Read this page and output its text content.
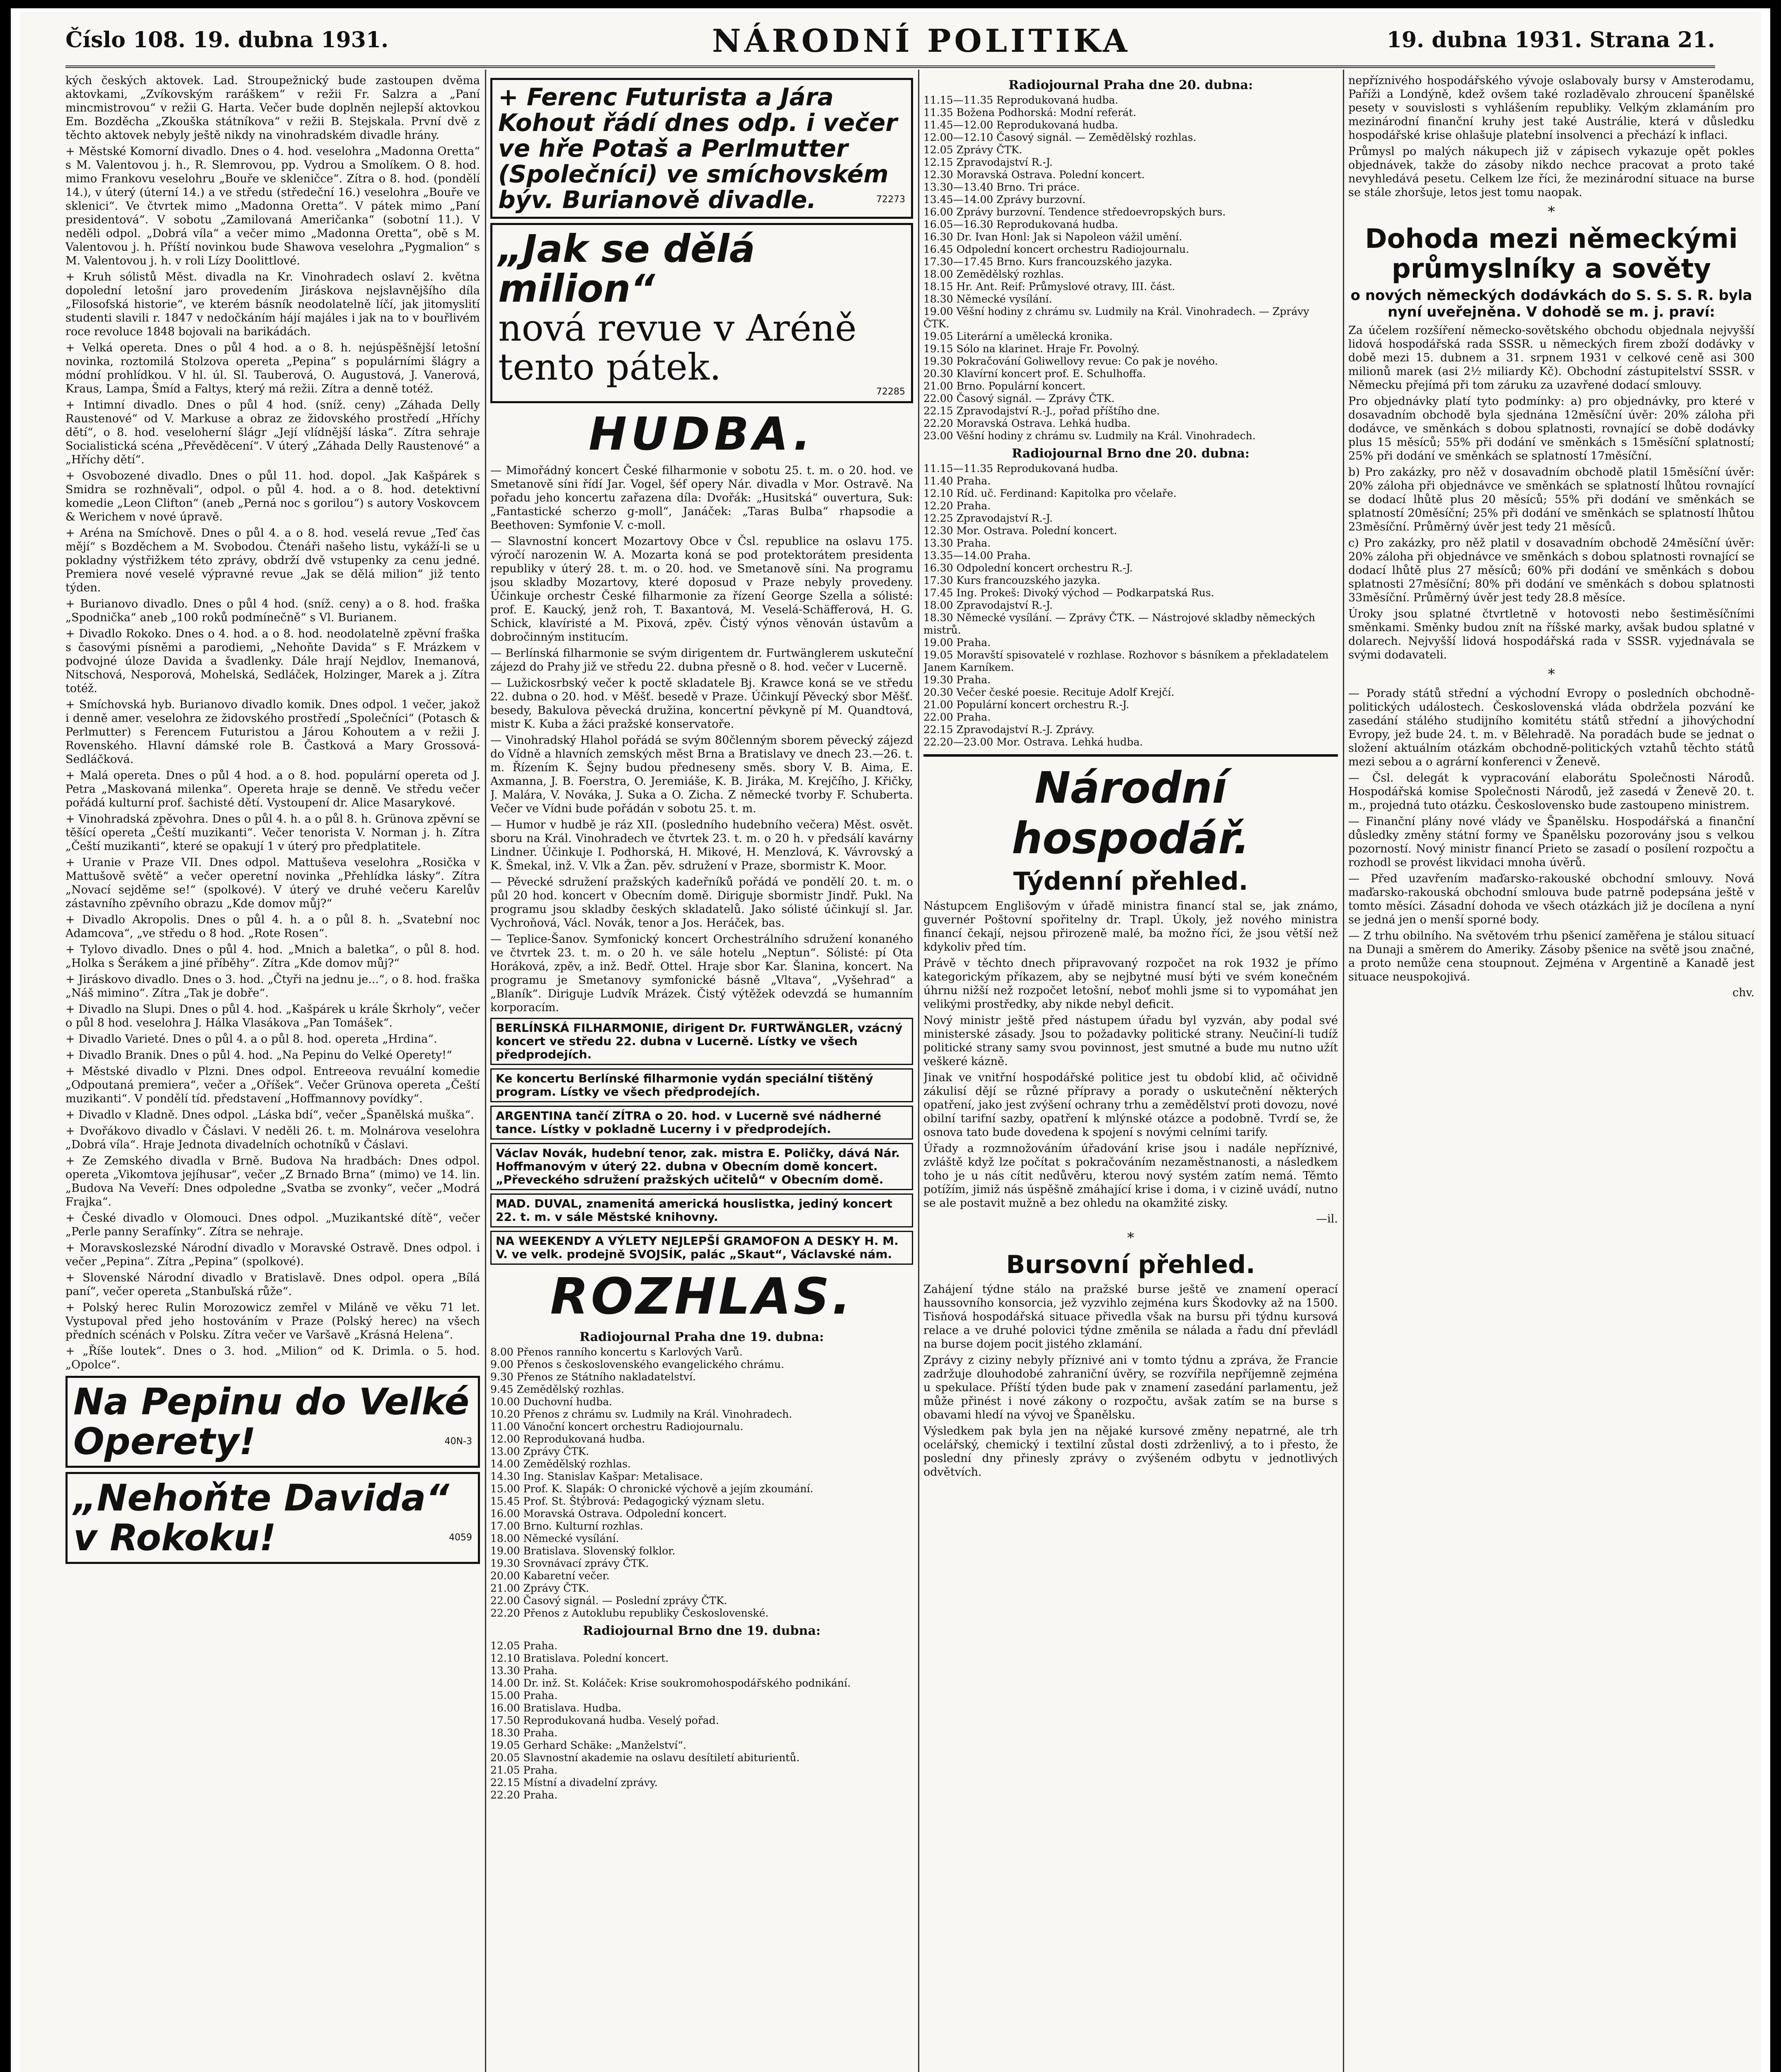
Číslo 108. 19. dubna 1931.	NÁRODNÍ POLITIKA	19. dubna 1931. Strana 21.

kých českých aktovek. Lad. Stroupežnický bude zastoupen dvěma aktovkami, „Zvíkovským raráškem“ v režii Fr. Salzra a „Paní mincmistrovou“ v režii G. Harta. Večer bude doplněn nejlepší aktovkou Em. Bozděcha „Zkouška státníkova“ v režii B. Stejskala. První dvě z těchto aktovek nebyly ještě nikdy na vinohradském divadle hrány.

+ Městské Komorní divadlo. Dnes o 4. hod. veselohra „Madonna Oretta“ s M. Valentovou j. h., R. Slemrovou, pp. Vydrou a Smolíkem. O 8. hod. mimo Frankovu veselohru „Bouře ve skleničce“. Zítra o 8. hod. (pondělí 14.), v úterý (úterní 14.) a ve středu (středeční 16.) veselohra „Bouře ve sklenici“. Ve čtvrtek mimo „Madonna Oretta“. V pátek mimo „Paní presidentová“. V sobotu „Zamilovaná Američanka“ (sobotní 11.). V neděli odpol. „Dobrá víla“ a večer mimo „Madonna Oretta“, obě s M. Valentovou j. h. Příští novinkou bude Shawova veselohra „Pygmalion“ s M. Valentovou j. h. v roli Lízy Doolittlové.

+ Kruh sólistů Měst. divadla na Kr. Vinohradech oslaví 2. května dopolední letošní jaro provedením Jiráskova nejslavnějšího díla „Filosofská historie“, ve kterém básník neodolatelně líčí, jak jitomyslití studenti slavili r. 1847 v nedočkáním hájí majáles i jak na to v bouřlivém roce revoluce 1848 bojovali na barikádách.

+ Velká opereta. Dnes o půl 4 hod. a o 8. h. nejúspěšnější letošní novinka, roztomilá Stolzova opereta „Pepina“ s populárními šlágry a módní prohlídkou. V hl. úl. Sl. Tauberová, O. Augustová, J. Vanerová, Kraus, Lampa, Šmíd a Faltys, který má režii. Zítra a denně totéž.

+ Intimní divadlo. Dnes o půl 4 hod. (sníž. ceny) „Záhada Delly Raustenové“ od V. Markuse a obraz ze židovského prostředí „Hříchy dětí“, o 8. hod. veseloherní šlágr „Její vlídnější láska“. Zítra sehraje Socialistická scéna „Převěděcení“. V úterý „Záhada Delly Raustenové“ a „Hříchy dětí“.

+ Osvobozené divadlo. Dnes o půl 11. hod. dopol. „Jak Kašpárek s Smidra se rozhněvali“, odpol. o půl 4. hod. a o 8. hod. detektivní komedie „Leon Clifton“ (aneb „Perná noc s gorilou“) s autory Voskovcem & Werichem v nové úpravě.

+ Aréna na Smíchově. Dnes o půl 4. a o 8. hod. veselá revue „Teď čas mějí“ s Bozděchem a M. Svobodou. Čtenáři našeho listu, vykáží-li se u pokladny výstřižkem této zprávy, obdrží dvě vstupenky za cenu jedné. Premiera nové veselé výpravné revue „Jak se dělá milion“ již tento týden.

+ Burianovo divadlo. Dnes o půl 4 hod. (sníž. ceny) a o 8. hod. fraška „Spodnička“ aneb „100 roků podmínečně“ s Vl. Burianem.

+ Divadlo Rokoko. Dnes o 4. hod. a o 8. hod. neodolatelně zpěvní fraška s časovými písněmi a parodiemi, „Nehoňte Davida“ s F. Mrázkem v podvojné úloze Davida a švadlenky. Dále hrají Nejdlov, Inemanová, Nitschová, Nesporová, Mohelská, Sedláček, Holzinger, Marek a j. Zítra totéž.

+ Smíchovská hyb. Burianovo divadlo komik. Dnes odpol. 1 večer, jakož i denně amer. veselohra ze židovského prostředí „Společníci“ (Potasch & Perlmutter) s Ferencem Futuristou a Járou Kohoutem a v režii J. Rovenského. Hlavní dámské role B. Častková a Mary Grossová-Sedláčková.

+ Malá opereta. Dnes o půl 4 hod. a o 8. hod. populární opereta od J. Petra „Maskovaná milenka“. Opereta hraje se denně. Ve středu večer pořádá kulturní prof. šachisté dětí. Vystoupení dr. Alice Masarykové.

+ Vinohradská zpěvohra. Dnes o půl 4. h. a o půl 8. h. Grünova zpěvní se těšící opereta „Čeští muzikanti“. Večer tenorista V. Norman j. h. Zítra „Čeští muzikanti“, které se opakují 1 v úterý pro předplatitele.

+ Uranie v Praze VII. Dnes odpol. Mattuševa veselohra „Rosička v Mattušově světě“ a večer operetní novinka „Přehlídka lásky“. Zítra „Novací sejděme se!“ (spolkové). V úterý ve druhé večeru Karelův zástavního zpěvního obrazu „Kde domov můj?“

+ Divadlo Akropolis. Dnes o půl 4. h. a o půl 8. h. „Svatební noc Adamcova“, „ve středu o 8 hod. „Rote Rosen“.

+ Tylovo divadlo. Dnes o půl 4. hod. „Mnich a baletka“, o půl 8. hod. „Holka s Šerákem a jiné příběhy“. Zítra „Kde domov můj?“

+ Jiráskovo divadlo. Dnes o 3. hod. „Čtyři na jednu je...“, o 8. hod. fraška „Náš mimino“. Zítra „Tak je dobře“.

+ Divadlo na Slupi. Dnes o půl 4. hod. „Kašpárek u krále Škrholy“, večer o půl 8 hod. veselohra J. Hálka Vlasákova „Pan Tomášek“.

+ Divadlo Varieté. Dnes o půl 4. a o půl 8. hod. opereta „Hrdina“.

+ Divadlo Branik. Dnes o půl 4. hod. „Na Pepinu do Velké Operety!“

+ Městské divadlo v Plzni. Dnes odpol. Entreeova revuální komedie „Odpoutaná premiera“, večer a „Oříšek“. Večer Grünova opereta „Čeští muzikanti“. V pondělí tíd. představení „Hoffmannovy povídky“.

+ Divadlo v Kladně. Dnes odpol. „Láska bdí“, večer „Španělská muška“.

+ Dvořákovo divadlo v Čáslavi. V neděli 26. t. m. Molnárova veselohra „Dobrá víla“. Hraje Jednota divadelních ochotníků v Čáslavi.

+ Ze Zemského divadla v Brně. Budova Na hradbách: Dnes odpol. opereta „Vikomtova jejíhusar“, večer „Z Brnado Brna“ (mimo) ve 14. lin. „Budova Na Veveří: Dnes odpoledne „Svatba se zvonky“, večer „Modrá Frajka“.

+ České divadlo v Olomouci. Dnes odpol. „Muzikantské dítě“, večer „Perle panny Serafínky“. Zítra se nehraje.

+ Moravskoslezské Národní divadlo v Moravské Ostravě. Dnes odpol. i večer „Pepina“. Zítra „Pepina“ (spolkové).

+ Slovenské Národní divadlo v Bratislavě. Dnes odpol. opera „Bílá paní“, večer opereta „Stanbuľská růže“.

+ Polský herec Rulin Morozowicz zemřel v Miláně ve věku 71 let. Vystupoval před jeho hostováním v Praze (Polský herec) na všech předních scénách v Polsku. Zítra večer ve Varšavě „Krásná Helena“.

+ „Říše loutek“. Dnes o 3. hod. „Milion“ od K. Drimla. o 5. hod. „Opolce“.

Na Pepinu do Velké Operety!	40N-3
„Nehoňte Davida“ v Rokoku!	4059
+ Ferenc Futurista a Jára Kohout řádí dnes odp. i večer ve hře Potaš a Perlmutter (Společníci) ve smíchovském býv. Burianově divadle.	72273
„Jak se dělá milion“
nová revue v Aréně tento pátek.
72285
HUDBA.

— Mimořádný koncert České filharmonie v sobotu 25. t. m. o 20. hod. ve Smetanově síni řídí Jar. Vogel, šéf opery Nár. divadla v Mor. Ostravě. Na pořadu jeho koncertu zařazena díla: Dvořák: „Husitská“ ouvertura, Suk: „Fantastické scherzo g-moll“, Janáček: „Taras Bulba“ rhapsodie a Beethoven: Symfonie V. c-moll.

— Slavnostní koncert Mozartovy Obce v Čsl. republice na oslavu 175. výročí narozenin W. A. Mozarta koná se pod protektorátem presidenta republiky v úterý 28. t. m. o 20. hod. ve Smetanově síni. Na programu jsou skladby Mozartovy, které doposud v Praze nebyly provedeny. Účinkuje orchestr České filharmonie za řízení George Szella a sólisté: prof. E. Kaucký, jenž roh, T. Baxantová, M. Veselá-Schäfferová, H. G. Schick, klavíristé a M. Pixová, zpěv. Čistý výnos věnován ústavům a dobročinným institucím.

— Berlínská filharmonie se svým dirigentem dr. Furtwänglerem uskuteční zájezd do Prahy již ve středu 22. dubna přesně o 8. hod. večer v Lucerně.

— Lužickosrbský večer k poctě skladatele Bj. Krawce koná se ve středu 22. dubna o 20. hod. v Měšť. besedě v Praze. Účinkují Pěvecký sbor Měšť. besedy, Bakulova pěvecká družina, koncertní pěvkyně pí M. Quandtová, mistr K. Kuba a žáci pražské konservatoře.

— Vinohradský Hlahol pořádá se svým 80členným sborem pěvecký zájezd do Vídně a hlavních zemských měst Brna a Bratislavy ve dnech 23.—26. t. m. Řízením K. Šejny budou předneseny směs. sbory V. B. Aima, E. Axmanna, J. B. Foerstra, O. Jeremiáše, K. B. Jiráka, M. Krejčího, J. Křičky, J. Malára, V. Nováka, J. Suka a O. Zicha. Z německé tvorby F. Schuberta. Večer ve Vídni bude pořádán v sobotu 25. t. m.

— Humor v hudbě je ráz XII. (posledního hudebního večera) Měst. osvět. sboru na Král. Vinohradech ve čtvrtek 23. t. m. o 20 h. v předsálí kavárny Lindner. Účinkuje I. Podhorská, H. Mikové, H. Menzlová, K. Vávrovský a K. Šmekal, inž. V. Vlk a Žan. pěv. sdružení v Praze, sbormistr K. Moor.

— Pěvecké sdružení pražských kadeřníků pořádá ve pondělí 20. t. m. o půl 20 hod. koncert v Obecním domě. Diriguje sbormistr Jindř. Pukl. Na programu jsou skladby českých skladatelů. Jako sólisté účinkují sl. Jar. Vychroňová, Václ. Novák, tenor a Jos. Heráček, bas.

— Teplice-Šanov. Symfonický koncert Orchestrálního sdružení konaného ve čtvrtek 23. t. m. o 20 h. ve sále hotelu „Neptun“. Sólisté: pí Ota Horáková, zpěv, a inž. Bedř. Ottel. Hraje sbor Kar. Šlanina, koncert. Na programu je Smetanovy symfonické básně „Vltava“, „Vyšehrad“ a „Blaník“. Diriguje Ludvík Mrázek. Čistý výtěžek odevzdá se humanním korporacím.

BERLÍNSKÁ FILHARMONIE, dirigent Dr. FURTWÄNGLER, vzácný koncert ve středu 22. dubna v Lucerně. Lístky ve všech předprodejích.
Ke koncertu Berlínské filharmonie vydán speciální tištěný program. Lístky ve všech předprodejích.
ARGENTINA tančí ZÍTRA o 20. hod. v Lucerně své nádherné tance. Lístky v pokladně Lucerny i v předprodejích.
Václav Novák, hudební tenor, zak. mistra E. Poličky, dává Nár. Hoffmanovým v úterý 22. dubna v Obecním domě koncert. „Převeckého sdružení pražských učitelů“ v Obecním domě.
MAD. DUVAL, znamenitá americká houslistka, jediný koncert 22. t. m. v sále Městské knihovny.
NA WEEKENDY A VÝLETY NEJLEPŠÍ GRAMOFON A DESKY H. M. V. ve velk. prodejně SVOJSÍK, palác „Skaut“, Václavské nám.
ROZHLAS.
Radiojournal Praha dne 19. dubna:

8.00 Přenos ranního koncertu s Karlových Varů.

9.00 Přenos s československého evangelického chrámu.

9.30 Přenos ze Státního nakladatelství.

9.45 Zemědělský rozhlas.

10.00 Duchovní hudba.

10.20 Přenos z chrámu sv. Ludmily na Král. Vinohradech.

11.00 Vánoční koncert orchestru Radiojournalu.

12.00 Reprodukovaná hudba.

13.00 Zprávy ČTK.

14.00 Zemědělský rozhlas.

14.30 Ing. Stanislav Kašpar: Metalisace.

15.00 Prof. K. Slapák: O chronické výchově a jejím zkoumání.

15.45 Prof. St. Štýbrová: Pedagogický význam sletu.

16.00 Moravská Ostrava. Odpolední koncert.

17.00 Brno. Kulturní rozhlas.

18.00 Německé vysílání.

19.00 Bratislava. Slovenský folklor.

19.30 Srovnávací zprávy ČTK.

20.00 Kabaretní večer.

21.00 Zprávy ČTK.

22.00 Časový signál. — Poslední zprávy ČTK.

22.20 Přenos z Autoklubu republiky Československé.

Radiojournal Brno dne 19. dubna:

12.05 Praha.

12.10 Bratislava. Polední koncert.

13.30 Praha.

14.00 Dr. inž. St. Koláček: Krise soukromohospodářského podnikání.

15.00 Praha.

16.00 Bratislava. Hudba.

17.50 Reprodukovaná hudba. Veselý pořad.

18.30 Praha.

19.05 Gerhard Schäke: „Manželství“.

20.05 Slavnostní akademie na oslavu desítiletí abiturientů.

21.05 Praha.

22.15 Místní a divadelní zprávy.

22.20 Praha.

Radiojournal Praha dne 20. dubna:

11.15—11.35 Reprodukovaná hudba.

11.35 Božena Podhorská: Modní referát.

11.45—12.00 Reprodukovaná hudba.

12.00—12.10 Časový signál. — Zemědělský rozhlas.

12.05 Zprávy ČTK.

12.15 Zpravodajství R.-J.

12.30 Moravská Ostrava. Polední koncert.

13.30—13.40 Brno. Tri práce.

13.45—14.00 Zprávy burzovní.

16.00 Zprávy burzovní. Tendence středoevropských burs.

16.05—16.30 Reprodukovaná hudba.

16.30 Dr. Ivan Honl: Jak si Napoleon vážil umění.

16.45 Odpolední koncert orchestru Radiojournalu.

17.30—17.45 Brno. Kurs francouzského jazyka.

18.00 Zemědělský rozhlas.

18.15 Hr. Ant. Reif: Průmyslové otravy, III. část.

18.30 Německé vysílání.

19.00 Věšní hodiny z chrámu sv. Ludmily na Král. Vinohradech. — Zprávy ČTK.

19.05 Literární a umělecká kronika.

19.15 Sólo na klarinet. Hraje Fr. Povolný.

19.30 Pokračování Goliwellovy revue: Co pak je nového.

20.30 Klavírní koncert prof. E. Schulhoffa.

21.00 Brno. Populární koncert.

22.00 Časový signál. — Zprávy ČTK.

22.15 Zpravodajství R.-J., pořad příštího dne.

22.20 Moravská Ostrava. Lehká hudba.

23.00 Věšní hodiny z chrámu sv. Ludmily na Král. Vinohradech.

Radiojournal Brno dne 20. dubna:

11.15—11.35 Reprodukovaná hudba.

11.40 Praha.

12.10 Ríd. uč. Ferdinand: Kapitolka pro včelaře.

12.20 Praha.

12.25 Zpravodajství R.-J.

12.30 Mor. Ostrava. Polední koncert.

13.30 Praha.

13.35—14.00 Praha.

16.30 Odpolední koncert orchestru R.-J.

17.30 Kurs francouzského jazyka.

17.45 Ing. Prokeš: Divoký východ — Podkarpatská Rus.

18.00 Zpravodajství R.-J.

18.30 Německé vysílání. — Zprávy ČTK. — Nástrojové skladby německých mistrů.

19.00 Praha.

19.05 Moravští spisovatelé v rozhlase. Rozhovor s básníkem a překladatelem Janem Karníkem.

19.30 Praha.

20.30 Večer české poesie. Recituje Adolf Krejčí.

21.00 Populární koncert orchestru R.-J.

22.00 Praha.

22.15 Zpravodajství R.-J. Zprávy.

22.20—23.00 Mor. Ostrava. Lehká hudba.

Národní hospodář.
Týdenní přehled.

Nástupcem Englišovým v úřadě ministra financí stal se, jak známo, guvernér Poštovní spořitelny dr. Trapl. Úkoly, jež nového ministra financí čekají, nejsou přirozeně malé, ba možno říci, že jsou větší než kdykoliv před tím.

Právě v těchto dnech připravovaný rozpočet na rok 1932 je přímo kategorickým příkazem, aby se nejbytné musí býti ve svém konečném úhrnu nižší než rozpočet letošní, neboť mohli jsme si to vypomáhat jen velikými prostředky, aby nikde nebyl deficit.

Nový ministr ještě před nástupem úřadu byl vyzván, aby podal své ministerské zásady. Jsou to požadavky politické strany. Neučiní-li tudíž politické strany samy svou povinnost, jest smutné a bude mu nutno užít veškeré kázně.

Jinak ve vnitřní hospodářské politice jest tu období klid, ač očividně zákulisí dějí se různé přípravy a porady o uskutečnění některých opatření, jako jest zvýšení ochrany trhu a zemědělství proti dovozu, nové obilní tarifní sazby, opatření k mlýnské otázce a podobně. Tvrdí se, že osnova tato bude dovedena k spojení s novými celními tarify.

Úřady a rozmnožováním úřadování krise jsou i nadále nepříznivé, zvláště když lze počítat s pokračováním nezaměstnanosti, a následkem toho je u nás cítit nedůvěru, kterou nový systém zatím nemá. Těmto potížím, jimiž nás úspěšně zmáhající krise i doma, i v cizině uvádí, nutno se ale postavit mužně a bez ohledu na okamžité zisky.

—il.
*
Bursovní přehled.

Zahájení týdne stálo na pražské burse ještě ve znamení operací haussovního konsorcia, jež vyzvihlo zejména kurs Škodovky až na 1500. Tisňová hospodářská situace přivedla však na bursu při týdnu kursová relace a ve druhé polovici týdne změnila se nálada a řadu dní převládl na burse dojem pocit jistého zklamání.

Zprávy z ciziny nebyly příznivé ani v tomto týdnu a zpráva, že Francie zadržuje dlouhodobé zahraniční úvěry, se rozvířila nepříjemně zejména u spekulace. Příští týden bude pak v znamení zasedání parlamentu, jež může přinést i nové zákony o rozpočtu, avšak zatím se na burse s obavami hledí na vývoj ve Španělsku.

Výsledkem pak byla jen na nějaké kursové změny nepatrné, ale trh ocelářský, chemický i textilní zůstal dosti zdrženlivý, a to i přesto, že poslední dny přinesly zprávy o zvýšeném odbytu v jednotlivých odvětvích.

nepříznivého hospodářského vývoje oslabovaly bursy v Amsterodamu, Paříži a Londýně, kdež ovšem také rozladěvalo zhroucení španělské pesety v souvislosti s vyhlášením republiky. Velkým zklamáním pro mezinárodní finanční kruhy jest také Austrálie, která v důsledku hospodářské krise ohlašuje platební insolvenci a přechází k inflaci.

Průmysl po malých nákupech již v zápisech vykazuje opět pokles objednávek, takže do zásoby nikdo nechce pracovat a proto také nevyhledává pesetu. Celkem lze říci, že mezinárodní situace na burse se stále zhoršuje, letos jest tomu naopak.

*
Dohoda mezi německými průmyslníky a sověty
o nových německých dodávkách do S. S. S. R. byla nyní uveřejněna. V dohodě se m. j. praví:

Za účelem rozšíření německo-sovětského obchodu objednala nejvyšší lidová hospodářská rada SSSR. u německých firem zboží dodávky v době mezi 15. dubnem a 31. srpnem 1931 v celkové ceně asi 300 milionů marek (asi 2½ miliardy Kč). Obchodní zástupitelství SSSR. v Německu přejímá při tom záruku za uzavřené dodací smlouvy.

Pro objednávky platí tyto podmínky: a) pro objednávky, pro které v dosavadním obchodě byla sjednána 12měsíční úvěr: 20% záloha při dodávce, ve směnkách s dobou splatnosti, rovnající se době dodávky plus 15 měsíců; 55% při dodání ve směnkách s 15měsíční splatností; 25% při dodání ve směnkách se splatností 17měsíční.

b) Pro zakázky, pro něž v dosavadním obchodě platil 15měsíční úvěr: 20% záloha při objednávce ve směnkách se splatností lhůtou rovnající se dodací lhůtě plus 20 měsíců; 55% při dodání ve směnkách se splatností 20měsíční; 25% při dodání ve směnkách se splatností lhůtou 23měsíční. Průměrný úvěr jest tedy 21 měsíců.

c) Pro zakázky, pro něž platil v dosavadním obchodě 24měsíční úvěr: 20% záloha při objednávce ve směnkách s dobou splatnosti rovnající se dodací lhůtě plus 27 měsíců; 60% při dodání ve směnkách s dobou splatnosti 27měsíční; 80% při dodání ve směnkách s dobou splatnosti 33měsíční. Průměrný úvěr jest tedy 28.8 měsíce.

Úroky jsou splatné čtvrtletně v hotovosti nebo šestiměsíčními směnkami. Směnky budou znít na říšské marky, avšak budou splatné v dolarech. Nejvyšší lidová hospodářská rada v SSSR. vyjednávala se svými dodavateli.

*

— Porady států střední a východní Evropy o posledních obchodně-politických událostech. Československá vláda obdržela pozvání ke zasedání stálého studijního komitétu států střední a jihovýchodní Evropy, jež bude 24. t. m. v Bělehradě. Na poradách bude se jednat o složení aktuálním otázkám obchodně-politických vztahů těchto států mezi sebou a o agrární konferenci v Ženevě.

— Čsl. delegát k vypracování elaborátu Společnosti Národů. Hospodářská komise Společnosti Národů, jež zasedá v Ženevě 20. t. m., projedná tuto otázku. Československo bude zastoupeno ministrem.

— Finanční plány nové vlády ve Španělsku. Hospodářská a finanční důsledky změny státní formy ve Španělsku pozorovány jsou s velkou pozorností. Nový ministr financí Prieto se zasadí o posílení rozpočtu a rozhodl se provést likvidaci mnoha úvěrů.

— Před uzavřením maďarsko-rakouské obchodní smlouvy. Nová maďarsko-rakouská obchodní smlouva bude patrně podepsána ještě v tomto měsíci. Zásadní dohoda ve všech otázkách již je docílena a nyní se jedná jen o menší sporné body.

— Z trhu obilního. Na světovém trhu pšenicí zaměřena je stálou situací na Dunaji a směrem do Ameriky. Zásoby pšenice na světě jsou značné, a proto nemůže cena stoupnout. Zejména v Argentině a Kanadě jest situace neuspokojivá.

chv.
